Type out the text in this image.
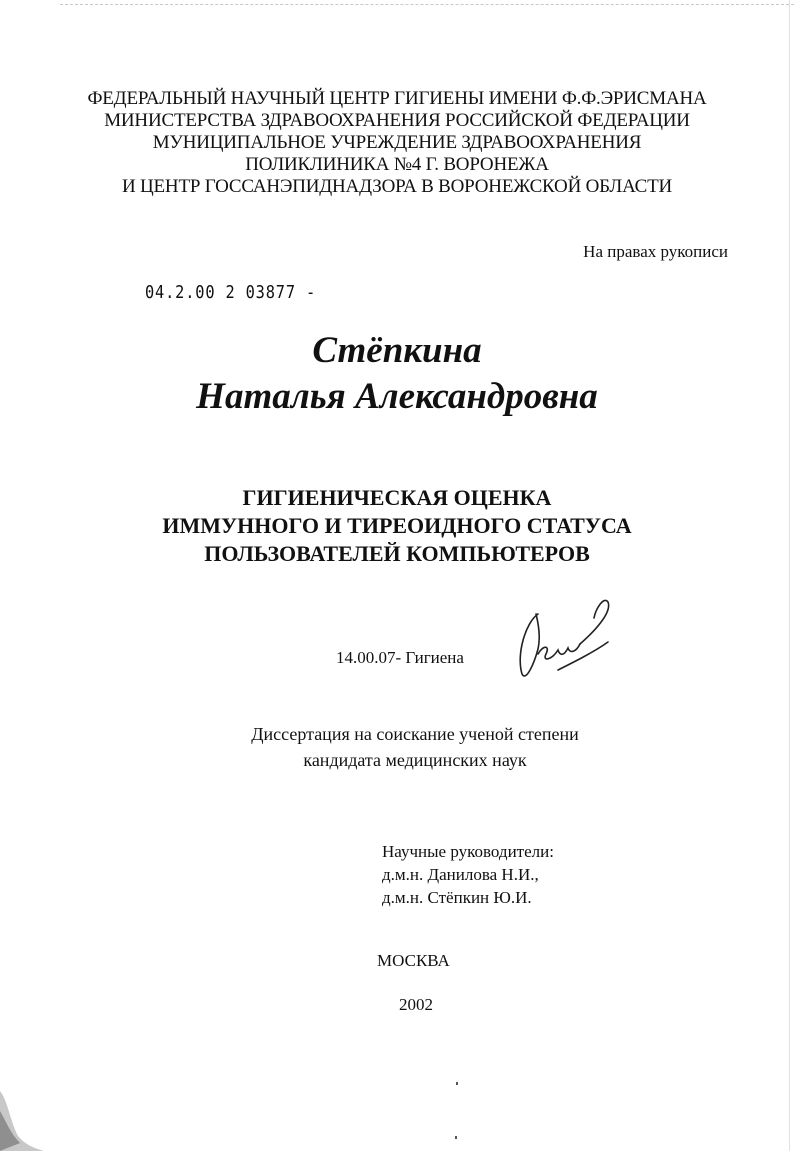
ФЕДЕРАЛЬНЫЙ НАУЧНЫЙ ЦЕНТР ГИГИЕНЫ ИМЕНИ Ф.Ф.ЭРИСМАНА
МИНИСТЕРСТВА ЗДРАВООХРАНЕНИЯ РОССИЙСКОЙ ФЕДЕРАЦИИ
МУНИЦИПАЛЬНОЕ УЧРЕЖДЕНИЕ ЗДРАВООХРАНЕНИЯ
ПОЛИКЛИНИКА №4 Г. ВОРОНЕЖА
И ЦЕНТР ГОССАНЭПИДНАДЗОРА В ВОРОНЕЖСКОЙ ОБЛАСТИ
На правах рукописи
04.2.00 2 03877 -
Стёпкина
Наталья Александровна
ГИГИЕНИЧЕСКАЯ ОЦЕНКА
ИММУННОГО И ТИРЕОИДНОГО СТАТУСА
ПОЛЬЗОВАТЕЛЕЙ КОМПЬЮТЕРОВ
14.00.07- Гигиена
Диссертация на соискание ученой степени
кандидата медицинских наук
Научные руководители:
д.м.н. Данилова Н.И.,
д.м.н. Стёпкин Ю.И.
МОСКВА
2002
